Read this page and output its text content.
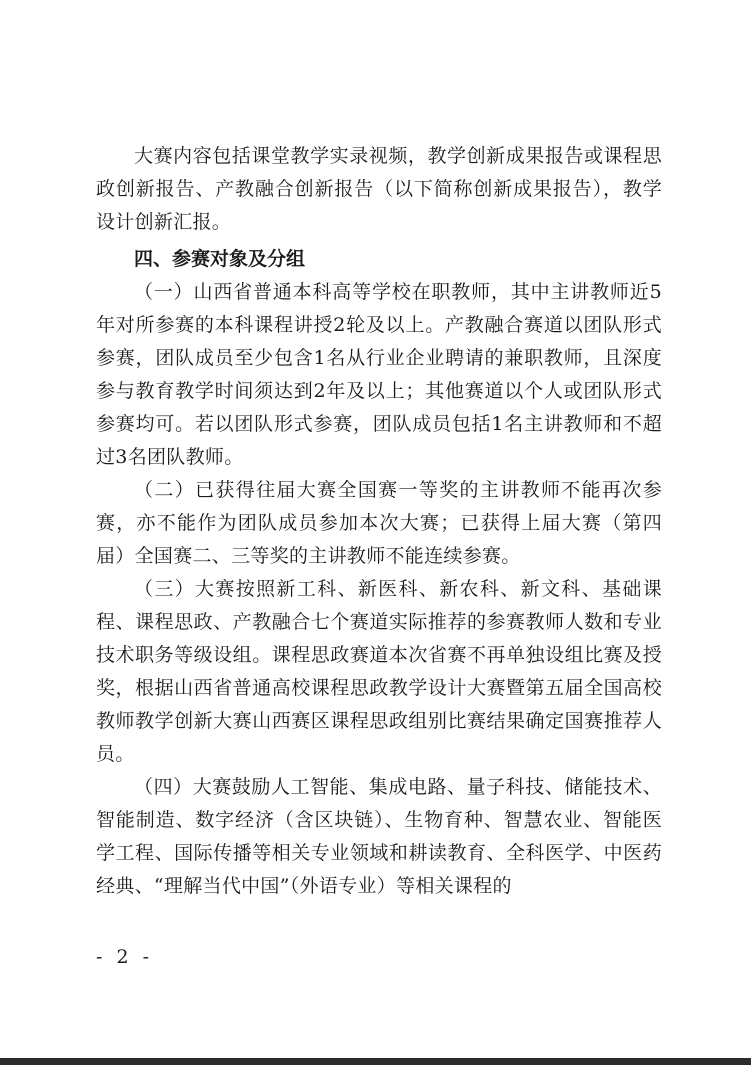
大赛内容包括课堂教学实录视频，教学创新成果报告或课程思政创新报告、产教融合创新报告（以下简称创新成果报告），教学设计创新汇报。

四、参赛对象及分组

（一）山西省普通本科高等学校在职教师，其中主讲教师近5年对所参赛的本科课程讲授2轮及以上。产教融合赛道以团队形式参赛，团队成员至少包含1名从行业企业聘请的兼职教师，且深度参与教育教学时间须达到2年及以上；其他赛道以个人或团队形式参赛均可。若以团队形式参赛，团队成员包括1名主讲教师和不超过3名团队教师。

（二）已获得往届大赛全国赛一等奖的主讲教师不能再次参赛，亦不能作为团队成员参加本次大赛；已获得上届大赛（第四届）全国赛二、三等奖的主讲教师不能连续参赛。

（三）大赛按照新工科、新医科、新农科、新文科、基础课程、课程思政、产教融合七个赛道实际推荐的参赛教师人数和专业技术职务等级设组。课程思政赛道本次省赛不再单独设组比赛及授奖，根据山西省普通高校课程思政教学设计大赛暨第五届全国高校教师教学创新大赛山西赛区课程思政组别比赛结果确定国赛推荐人员。

（四）大赛鼓励人工智能、集成电路、量子科技、储能技术、智能制造、数字经济（含区块链）、生物育种、智慧农业、智能医学工程、国际传播等相关专业领域和耕读教育、全科医学、中医药经典、“理解当代中国”（外语专业）等相关课程的

- 2 -
